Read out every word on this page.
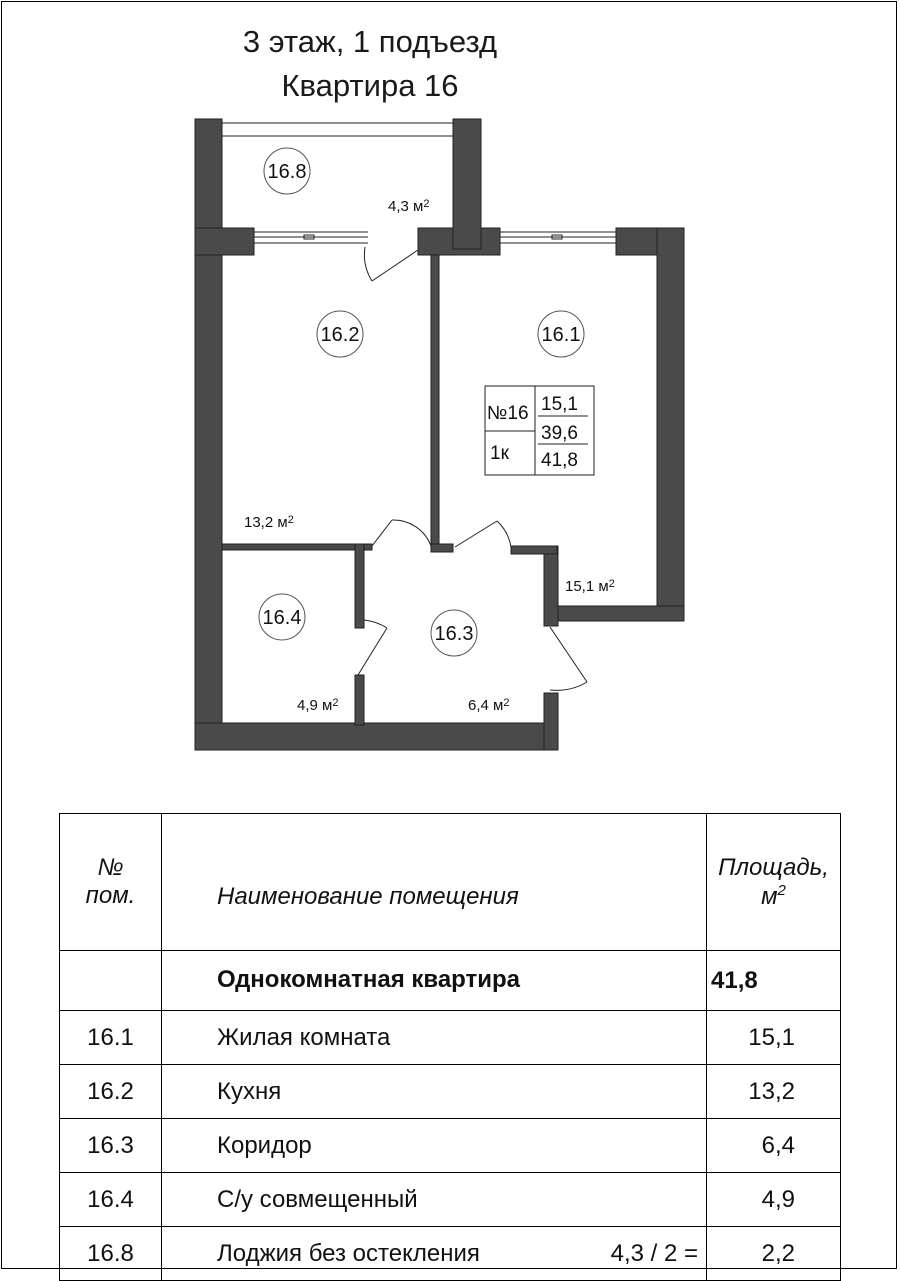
3 этаж, 1 подъезд
Квартира 16
16.8
16.2	16.1
16.4
16.3
4,3 $м^2$
13,2 $м^2$
15,1 $м^2$
4,9 $м^2$	6,4 $м^2$
№16
1к
15,1
39,6
41,8
№
пом.	Наименование помещения	Площадь,
$м^2$
	Однокомнатная квартира	41,8
16.1	Жилая комната	15,1
16.2	Кухня	13,2
16.3	Коридор	6,4
16.4	С/у совмещенный	4,9
16.8	Лоджия без остекления 4,3 / 2 =	2,2
